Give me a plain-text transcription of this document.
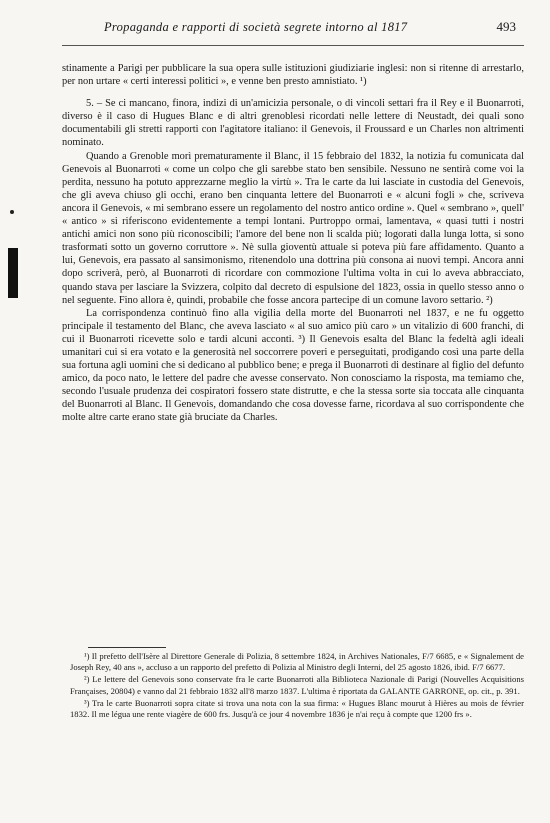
Propaganda e rapporti di società segrete intorno al 1817	493

stinamente a Parigi per pubblicare la sua opera sulle istituzioni giudiziarie inglesi: non si ritenne di arrestarlo, per non urtare « certi interessi politici », e venne ben presto amnistiato. ¹)

5. – Se ci mancano, finora, indizi di un'amicizia personale, o di vincoli settari fra il Rey e il Buonarroti, diverso è il caso di Hugues Blanc e di altri grenoblesi ricordati nelle lettere di Neustadt, dei quali sono documentabili gli stretti rapporti con l'agitatore italiano: il Genevois, il Froussard e un Charles non altrimenti nominato.

Quando a Grenoble morì prematuramente il Blanc, il 15 febbraio del 1832, la notizia fu comunicata dal Genevois al Buonarroti « come un colpo che gli sarebbe stato ben sensibile. Nessuno ne sentirà come voi la perdita, nessuno ha potuto apprezzarne meglio la virtù ». Tra le carte da lui lasciate in custodia del Genevois, che gli aveva chiuso gli occhi, erano ben cinquanta lettere del Buonarroti e « alcuni fogli » che, scriveva ancora il Genevois, « mi sembrano essere un regolamento del nostro antico ordine ». Quel « sembrano », quell' « antico » si riferiscono evidentemente a tempi lontani. Purtroppo ormai, lamentava, « quasi tutti i nostri antichi amici non sono più riconoscibili; l'amore del bene non li scalda più; logorati dalla lunga lotta, si sono trasformati sotto un governo corruttore ». Nè sulla gioventù attuale si poteva più fare affidamento. Quanto a lui, Genevois, era passato al sansimonismo, ritenendolo una dottrina più consona ai nuovi tempi. Ancora anni dopo scriverà, però, al Buonarroti di ricordare con commozione l'ultima volta in cui lo aveva abbracciato, quando stava per lasciare la Svizzera, colpito dal decreto di espulsione del 1823, ossia in quello stesso anno o nel seguente. Fino allora è, quindi, probabile che fosse ancora partecipe di un comune lavoro settario. ²)

La corrispondenza continuò fino alla vigilia della morte del Buonarroti nel 1837, e ne fu oggetto principale il testamento del Blanc, che aveva lasciato « al suo amico più caro » un vitalizio di 600 franchi, di cui il Buonarroti ricevette solo e tardi alcuni acconti. ³) Il Genevois esalta del Blanc la fedeltà agli ideali umanitari cui si era votato e la generosità nel soccorrere poveri e perseguitati, prodigando così una parte della sua fortuna agli uomini che si dedicano al pubblico bene; e prega il Buonarroti di destinare al figlio del defunto amico, da poco nato, le lettere del padre che avesse conservato. Non conosciamo la risposta, ma temiamo che, secondo l'usuale prudenza dei cospiratori fossero state distrutte, e che la stessa sorte sia toccata alle cinquanta del Buonarroti al Blanc. Il Genevois, domandando che cosa dovesse farne, ricordava al suo corrispondente che molte altre carte erano state già bruciate da Charles.

¹) Il prefetto dell'Isère al Direttore Generale di Polizia, 8 settembre 1824, in Archives Nationales, F/7 6685, e « Signalement de Joseph Rey, 40 ans », accluso a un rapporto del prefetto di Polizia al Ministro degli Interni, del 25 agosto 1826, ibid. F/7 6677.

²) Le lettere del Genevois sono conservate fra le carte Buonarroti alla Biblioteca Nazionale di Parigi (Nouvelles Acquisitions Françaises, 20804) e vanno dal 21 febbraio 1832 all'8 marzo 1837. L'ultima è riportata da GALANTE GARRONE, op. cit., p. 391.

³) Tra le carte Buonarroti sopra citate si trova una nota con la sua firma: « Hugues Blanc mourut à Hières au mois de février 1832. Il me légua une rente viagère de 600 frs. Jusqu'à ce jour 4 novembre 1836 je n'ai reçu à compte que 1200 frs ».
